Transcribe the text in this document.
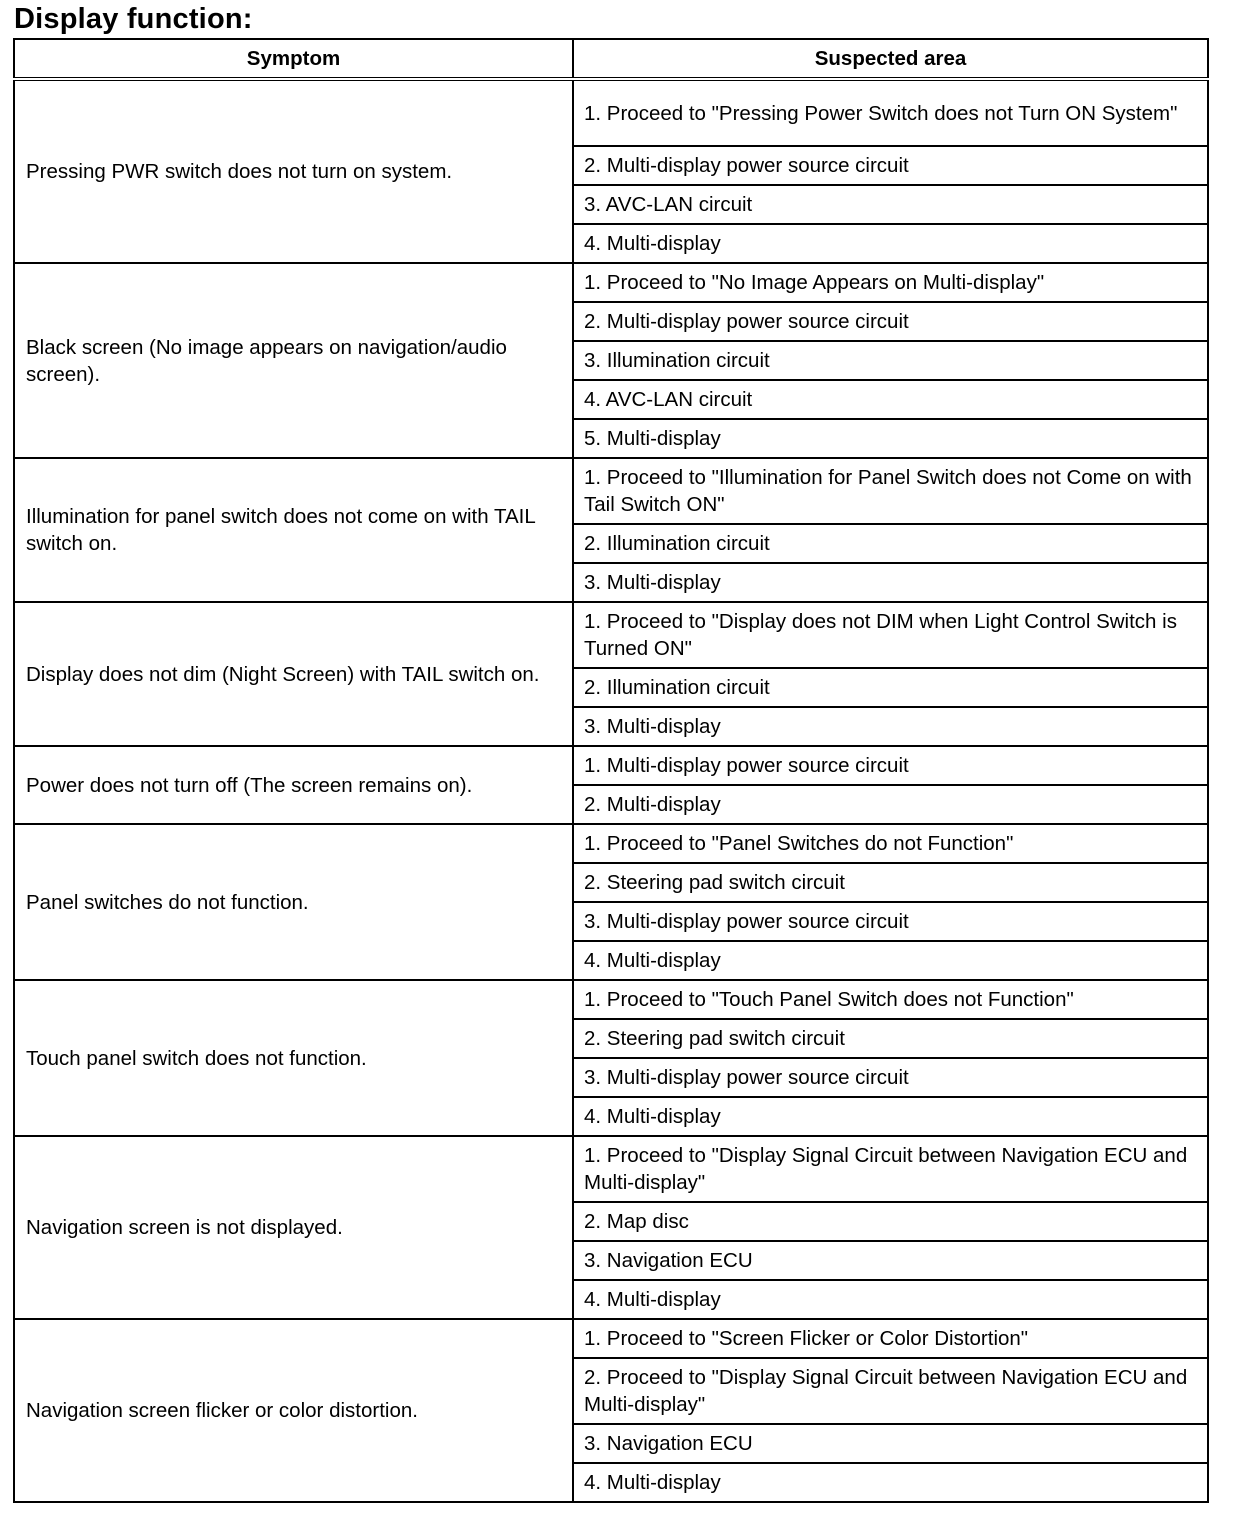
Display function:
Symptom	Suspected area
Pressing PWR switch does not turn on system.	1. Proceed to "Pressing Power Switch does not Turn ON System"
	2. Multi-display power source circuit
	3. AVC-LAN circuit
	4. Multi-display
Black screen (No image appears on navigation/audio screen).	1. Proceed to "No Image Appears on Multi-display"
	2. Multi-display power source circuit
	3. Illumination circuit
	4. AVC-LAN circuit
	5. Multi-display
Illumination for panel switch does not come on with TAIL switch on.	1. Proceed to "Illumination for Panel Switch does not Come on with Tail Switch ON"
	2. Illumination circuit
	3. Multi-display
Display does not dim (Night Screen) with TAIL switch on.	1. Proceed to "Display does not DIM when Light Control Switch is Turned ON"
	2. Illumination circuit
	3. Multi-display
Power does not turn off (The screen remains on).	1. Multi-display power source circuit
	2. Multi-display
Panel switches do not function.	1. Proceed to "Panel Switches do not Function"
	2. Steering pad switch circuit
	3. Multi-display power source circuit
	4. Multi-display
Touch panel switch does not function.	1. Proceed to "Touch Panel Switch does not Function"
	2. Steering pad switch circuit
	3. Multi-display power source circuit
	4. Multi-display
Navigation screen is not displayed.	1. Proceed to "Display Signal Circuit between Navigation ECU and Multi-display"
	2. Map disc
	3. Navigation ECU
	4. Multi-display
Navigation screen flicker or color distortion.	1. Proceed to "Screen Flicker or Color Distortion"
	2. Proceed to "Display Signal Circuit between Navigation ECU and Multi-display"
	3. Navigation ECU
	4. Multi-display
